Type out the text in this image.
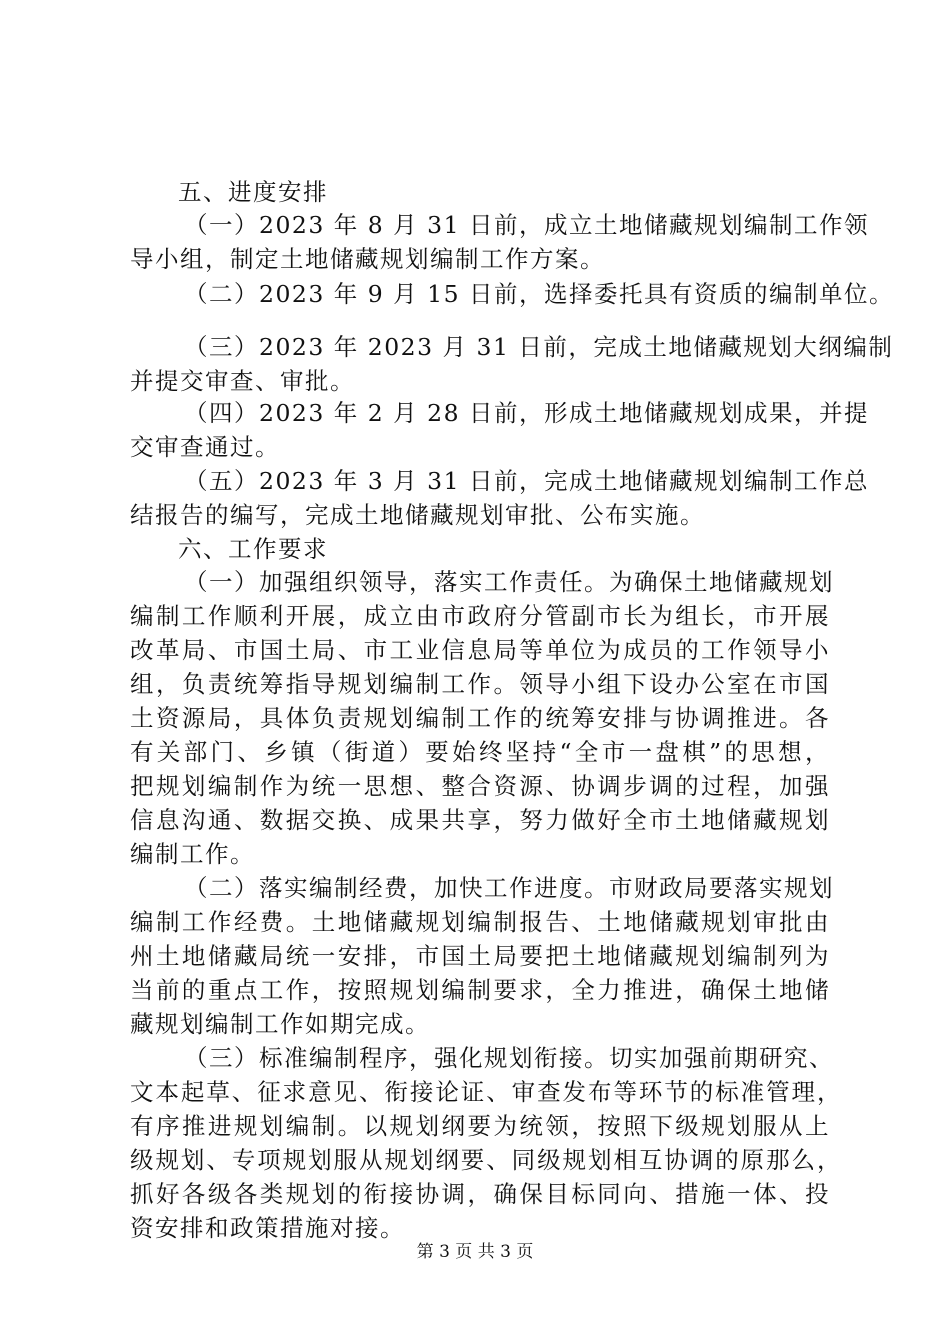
五、进度安排
（一）2023 年 8 月 31 日前，成立土地储藏规划编制工作领
导小组，制定土地储藏规划编制工作方案。
（二）2023 年 9 月 15 日前，选择委托具有资质的编制单位。
（三）2023 年 2023 月 31 日前，完成土地储藏规划大纲编制
并提交审查、审批。
（四）2023 年 2 月 28 日前，形成土地储藏规划成果，并提
交审查通过。
（五）2023 年 3 月 31 日前，完成土地储藏规划编制工作总
结报告的编写，完成土地储藏规划审批、公布实施。
六、工作要求
（一）加强组织领导，落实工作责任。为确保土地储藏规划
编制工作顺利开展，成立由市政府分管副市长为组长，市开展
改革局、市国土局、市工业信息局等单位为成员的工作领导小
组，负责统筹指导规划编制工作。领导小组下设办公室在市国
土资源局，具体负责规划编制工作的统筹安排与协调推进。各
有关部门、乡镇（街道）要始终坚持“全市一盘棋”的思想，
把规划编制作为统一思想、整合资源、协调步调的过程，加强
信息沟通、数据交换、成果共享，努力做好全市土地储藏规划
编制工作。
（二）落实编制经费，加快工作进度。市财政局要落实规划
编制工作经费。土地储藏规划编制报告、土地储藏规划审批由
州土地储藏局统一安排，市国土局要把土地储藏规划编制列为
当前的重点工作，按照规划编制要求，全力推进，确保土地储
藏规划编制工作如期完成。
（三）标准编制程序，强化规划衔接。切实加强前期研究、
文本起草、征求意见、衔接论证、审查发布等环节的标准管理，
有序推进规划编制。以规划纲要为统领，按照下级规划服从上
级规划、专项规划服从规划纲要、同级规划相互协调的原那么，
抓好各级各类规划的衔接协调，确保目标同向、措施一体、投
资安排和政策措施对接。
第 3 页 共 3 页
